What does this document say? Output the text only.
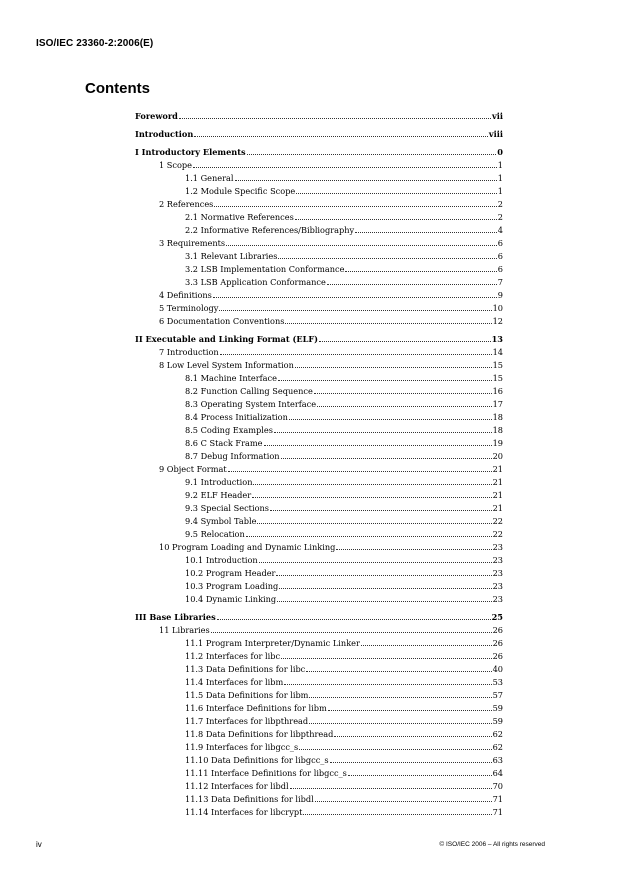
ISO/IEC 23360-2:2006(E)
Contents
Foreword	vii
Introduction	viii
I Introductory Elements	0
1 Scope	1
1.1 General	1
1.2 Module Specific Scope	1
2 References	2
2.1 Normative References	2
2.2 Informative References/Bibliography	4
3 Requirements	6
3.1 Relevant Libraries	6
3.2 LSB Implementation Conformance	6
3.3 LSB Application Conformance	7
4 Definitions	9
5 Terminology	10
6 Documentation Conventions	12
II Executable and Linking Format (ELF)	13
7 Introduction	14
8 Low Level System Information	15
8.1 Machine Interface	15
8.2 Function Calling Sequence	16
8.3 Operating System Interface	17
8.4 Process Initialization	18
8.5 Coding Examples	18
8.6 C Stack Frame	19
8.7 Debug Information	20
9 Object Format	21
9.1 Introduction	21
9.2 ELF Header	21
9.3 Special Sections	21
9.4 Symbol Table	22
9.5 Relocation	22
10 Program Loading and Dynamic Linking	23
10.1 Introduction	23
10.2 Program Header	23
10.3 Program Loading	23
10.4 Dynamic Linking	23
III Base Libraries	25
11 Libraries	26
11.1 Program Interpreter/Dynamic Linker	26
11.2 Interfaces for libc	26
11.3 Data Definitions for libc	40
11.4 Interfaces for libm	53
11.5 Data Definitions for libm	57
11.6 Interface Definitions for libm	59
11.7 Interfaces for libpthread	59
11.8 Data Definitions for libpthread	62
11.9 Interfaces for libgcc_s	62
11.10 Data Definitions for libgcc_s	63
11.11 Interface Definitions for libgcc_s	64
11.12 Interfaces for libdl	70
11.13 Data Definitions for libdl	71
11.14 Interfaces for libcrypt	71
iv	© ISO/IEC 2006 – All rights reserved
